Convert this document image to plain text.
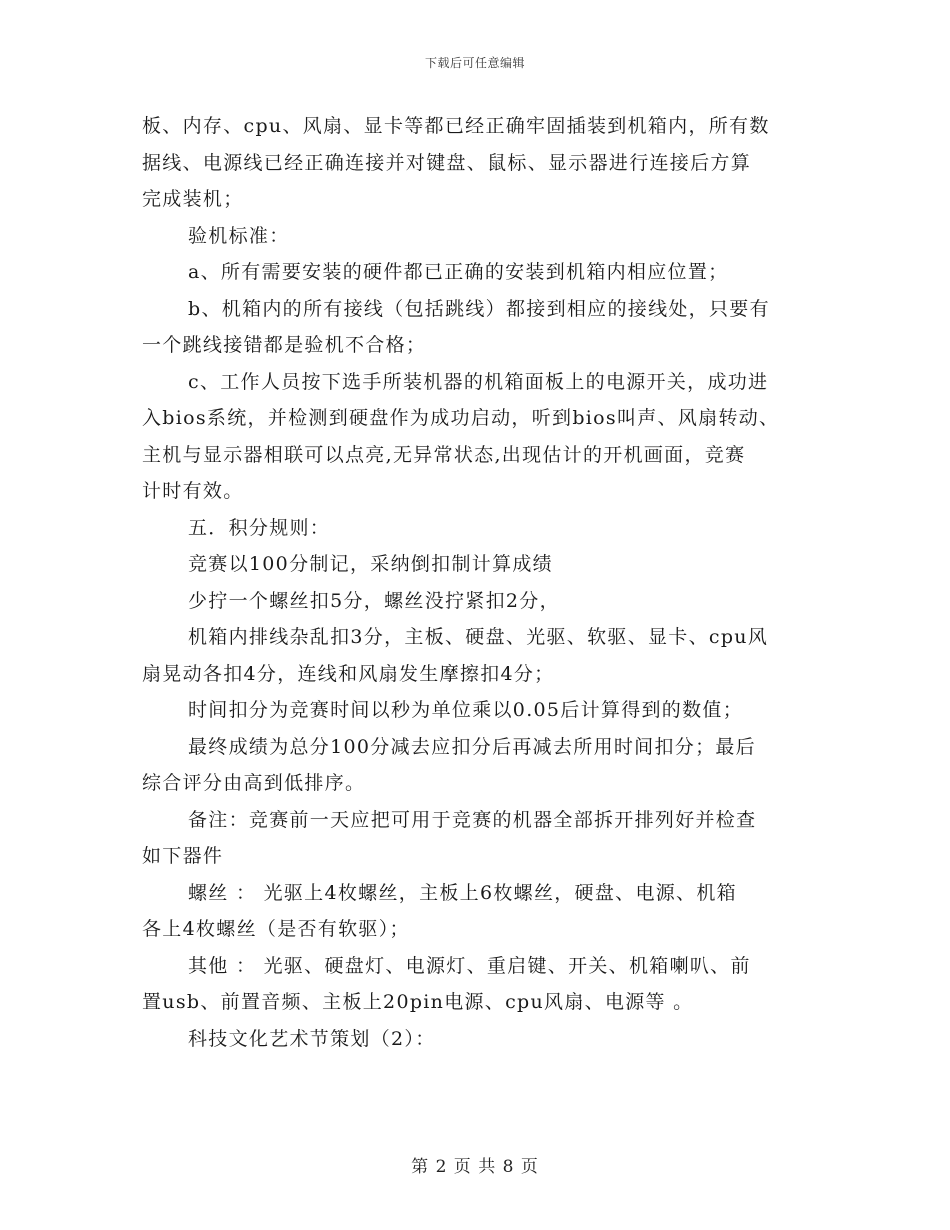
下载后可任意编辑
板、内存、cpu、风扇、显卡等都已经正确牢固插装到机箱内，所有数
据线、电源线已经正确连接并对键盘、鼠标、显示器进行连接后方算
完成装机；
验机标准：
a、所有需要安装的硬件都已正确的安装到机箱内相应位置；
b、机箱内的所有接线（包括跳线）都接到相应的接线处，只要有
一个跳线接错都是验机不合格；
c、工作人员按下选手所装机器的机箱面板上的电源开关，成功进
入bios系统，并检测到硬盘作为成功启动，听到bios叫声、风扇转动、
主机与显示器相联可以点亮,无异常状态,出现估计的开机画面，竞赛
计时有效。
五．积分规则：
竞赛以100分制记，采纳倒扣制计算成绩
少拧一个螺丝扣5分，螺丝没拧紧扣2分，
机箱内排线杂乱扣3分，主板、硬盘、光驱、软驱、显卡、cpu风
扇晃动各扣4分，连线和风扇发生摩擦扣4分；
时间扣分为竞赛时间以秒为单位乘以0.05后计算得到的数值；
最终成绩为总分100分减去应扣分后再减去所用时间扣分；最后
综合评分由高到低排序。
备注：竞赛前一天应把可用于竞赛的机器全部拆开排列好并检查
如下器件
螺丝 ： 光驱上4枚螺丝，主板上6枚螺丝，硬盘、电源、机箱
各上4枚螺丝（是否有软驱）；
其他 ： 光驱、硬盘灯、电源灯、重启键、开关、机箱喇叭、前
置usb、前置音频、主板上20pin电源、cpu风扇、电源等 。
科技文化艺术节策划（2）：
第 2 页 共 8 页
